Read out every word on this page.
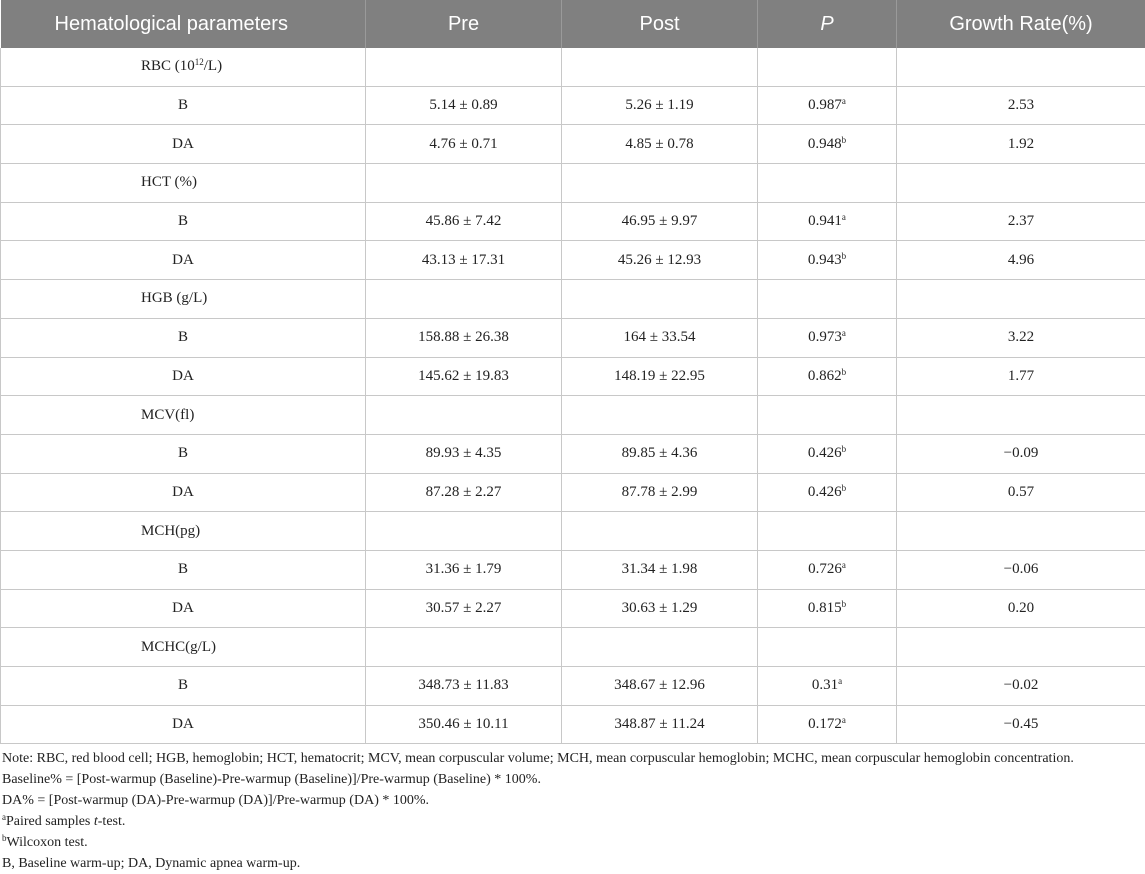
Hematological parameters	Pre	Post	P	Growth Rate(%)
RBC $(10^{12}/L)$				
B	5.14 ± 0.89	5.26 ± 1.19	0.987$^a$	2.53
DA	4.76 ± 0.71	4.85 ± 0.78	0.948$^b$	1.92
HCT (%)				
B	45.86 ± 7.42	46.95 ± 9.97	0.941$^a$	2.37
DA	43.13 ± 17.31	45.26 ± 12.93	0.943$^b$	4.96
HGB (g/L)				
B	158.88 ± 26.38	164 ± 33.54	0.973$^a$	3.22
DA	145.62 ± 19.83	148.19 ± 22.95	0.862$^b$	1.77
MCV(fl)				
B	89.93 ± 4.35	89.85 ± 4.36	0.426$^b$	−0.09
DA	87.28 ± 2.27	87.78 ± 2.99	0.426$^b$	0.57
MCH(pg)				
B	31.36 ± 1.79	31.34 ± 1.98	0.726$^a$	−0.06
DA	30.57 ± 2.27	30.63 ± 1.29	0.815$^b$	0.20
MCHC(g/L)				
B	348.73 ± 11.83	348.67 ± 12.96	0.31$^a$	−0.02
DA	350.46 ± 10.11	348.87 ± 11.24	0.172$^a$	−0.45
Note: RBC, red blood cell; HGB, hemoglobin; HCT, hematocrit; MCV, mean corpuscular volume; MCH, mean corpuscular hemoglobin; MCHC, mean corpuscular hemoglobin concentration.
Baseline% = [Post-warmup (Baseline)-Pre-warmup (Baseline)]/Pre-warmup (Baseline) * 100%.
DA% = [Post-warmup (DA)-Pre-warmup (DA)]/Pre-warmup (DA) * 100%.
$^a$Paired samples t-test.
$^b$Wilcoxon test.
B, Baseline warm-up; DA, Dynamic apnea warm-up.
